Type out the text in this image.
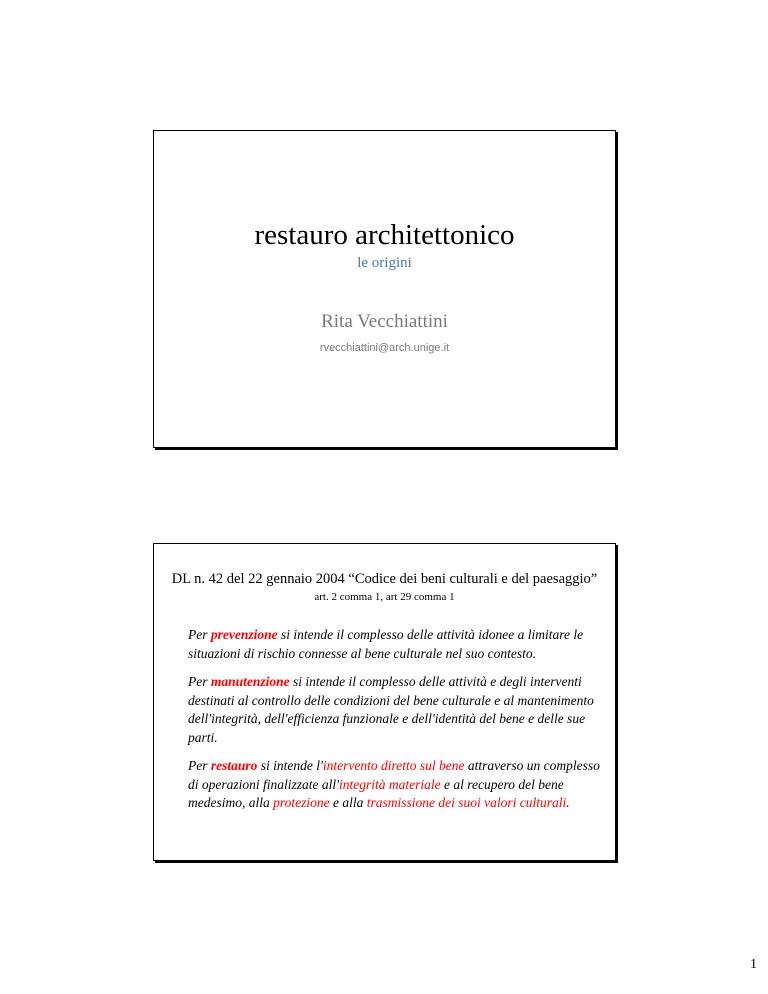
restauro architettonico
le origini
Rita Vecchiattini
rvecchiattini@arch.unige.it
DL n. 42 del 22 gennaio 2004 “Codice dei beni culturali e del paesaggio”
art. 2 comma 1, art 29 comma 1

Per prevenzione si intende il complesso delle attività idonee a limitare le situazioni di rischio connesse al bene culturale nel suo contesto.

Per manutenzione si intende il complesso delle attività e degli interventi destinati al controllo delle condizioni del bene culturale e al mantenimento dell'integrità, dell'efficienza funzionale e dell'identità del bene e delle sue parti.

Per restauro si intende l'intervento diretto sul bene attraverso un complesso di operazioni finalizzate all'integrità materiale e al recupero del bene medesimo, alla protezione e alla trasmissione dei suoi valori culturali.

1
